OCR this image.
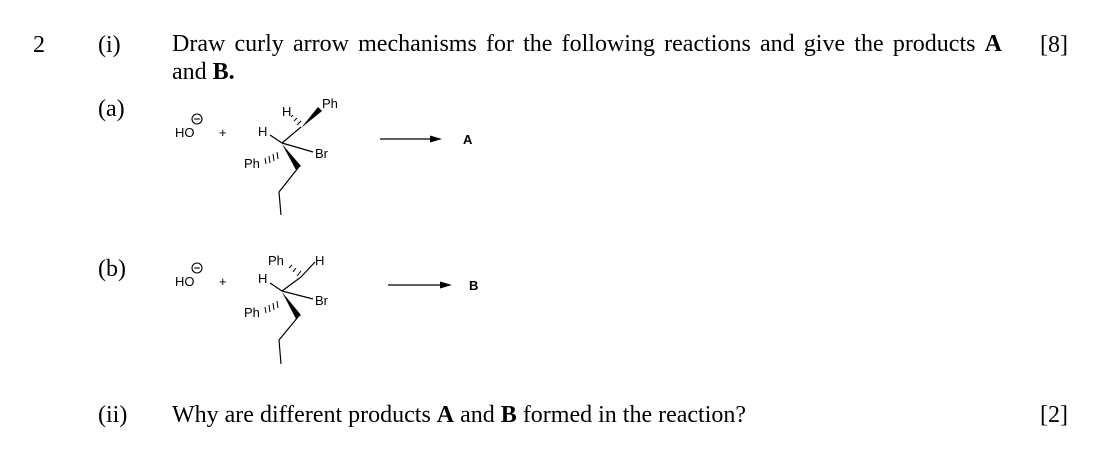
2 (i) Draw curly arrow mechanisms for the following reactions and give the products A and B.
[8]
(a)
HO +
Ph
H
H
Br
Ph
A
(b)	HO +
Ph H
H
Br
Ph
B
(ii) Why are different products A and B formed in the reaction?	[2]
